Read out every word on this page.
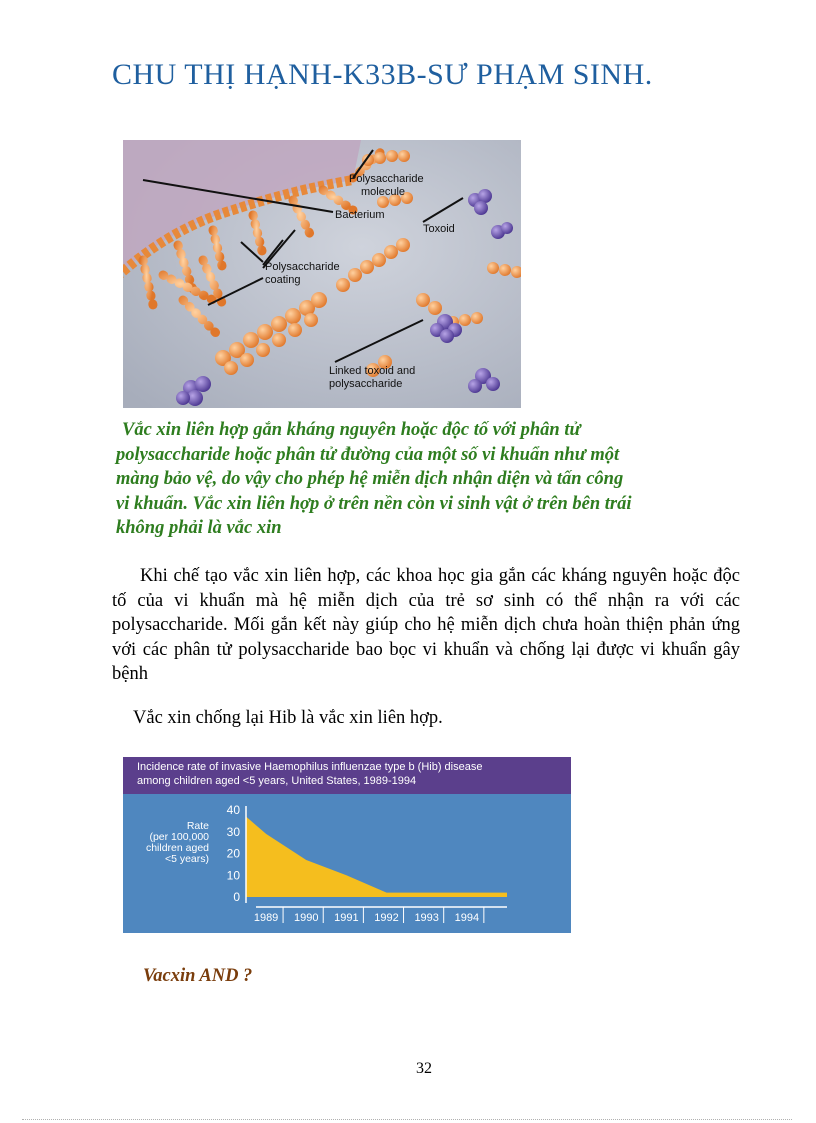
CHU THỊ HẠNH-K33B-SƯ PHẠM SINH.
Polysaccharide
molecule
Bacterium
Toxoid
Polysaccharide
coating
Linked toxoid and
polysaccharide
Vắc xin liên hợp gắn kháng nguyên hoặc độc tố với phân tử
polysaccharide hoặc phân tử đường của một số vi khuẩn như một
màng bảo vệ, do vậy cho phép hệ miễn dịch nhận diện và tấn công
vi khuẩn. Vắc xin liên hợp ở trên nền còn vi sinh vật ở trên bên trái
không phải là vắc xin
Khi chế tạo vắc xin liên hợp, các khoa học gia gắn các kháng nguyên hoặc độc tố của vi khuẩn mà hệ miễn dịch của trẻ sơ sinh có thể nhận ra với các polysaccharide. Mối gắn kết này giúp cho hệ miễn dịch chưa hoàn thiện phản ứng với các phân tử polysaccharide bao bọc vi khuẩn và chống lại được vi khuẩn gây bệnh
Vắc xin chống lại Hib là vắc xin liên hợp.
Incidence rate of invasive Haemophilus influenzae type b (Hib) disease
among children aged <5 years, United States, 1989-1994
40
30
20
10
0
1989 1990 1991 1992 1993 1994
Rate
(per 100,000
children aged
<5 years)
Vacxin AND ?
32
